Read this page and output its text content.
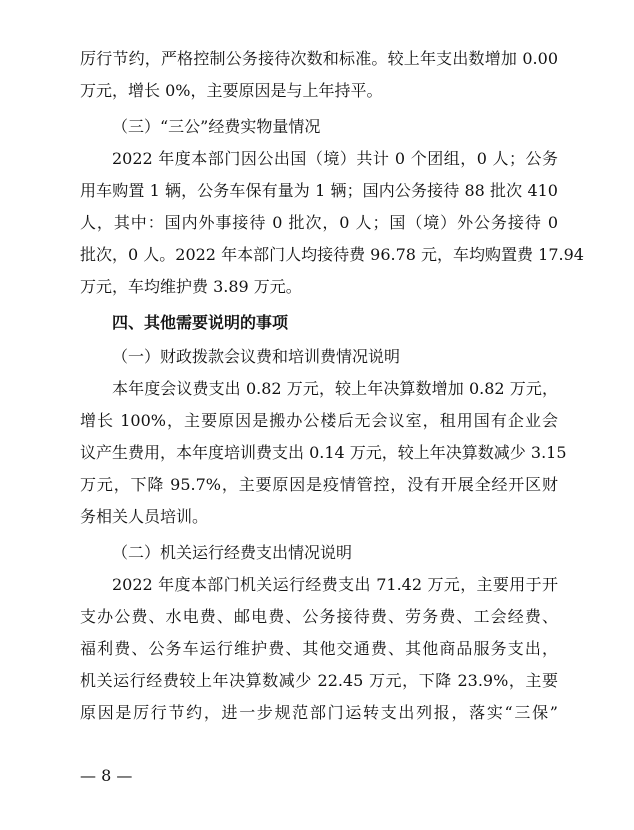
厉行节约，严格控制公务接待次数和标准。较上年支出数增加 0.00
万元，增长 0%，主要原因是与上年持平。
（三）“三公”经费实物量情况
2022 年度本部门因公出国（境）共计 0 个团组，0 人；公务
用车购置 1 辆，公务车保有量为 1 辆；国内公务接待 88 批次 410
人，其中：国内外事接待 0 批次，0 人；国（境）外公务接待 0
批次，0 人。2022 年本部门人均接待费 96.78 元，车均购置费 17.94
万元，车均维护费 3.89 万元。
四、其他需要说明的事项
（一）财政拨款会议费和培训费情况说明
本年度会议费支出 0.82 万元，较上年决算数增加 0.82 万元，
增长 100%，主要原因是搬办公楼后无会议室，租用国有企业会
议产生费用，本年度培训费支出 0.14 万元，较上年决算数减少 3.15
万元，下降 95.7%，主要原因是疫情管控，没有开展全经开区财
务相关人员培训。
（二）机关运行经费支出情况说明
2022 年度本部门机关运行经费支出 71.42 万元，主要用于开
支办公费、水电费、邮电费、公务接待费、劳务费、工会经费、
福利费、公务车运行维护费、其他交通费、其他商品服务支出，
机关运行经费较上年决算数减少 22.45 万元，下降 23.9%，主要
原因是厉行节约，进一步规范部门运转支出列报，落实“三保”
— 8 —
